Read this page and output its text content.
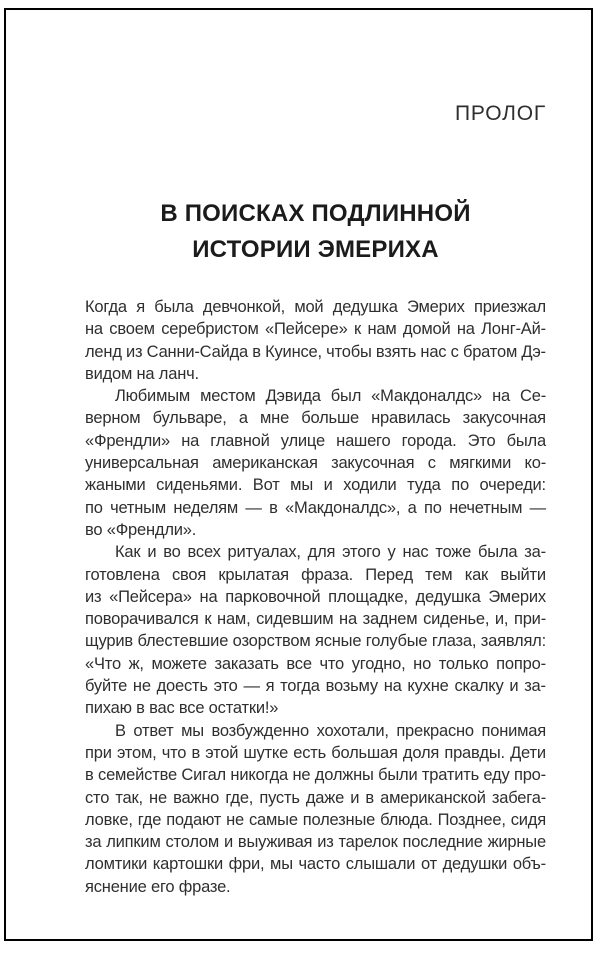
ПРОЛОГ
В ПОИСКАХ ПОДЛИННОЙ
ИСТОРИИ ЭМЕРИХА
Когда я была девчонкой, мой дедушка Эмерих приезжал
на своем серебристом «Пейсере» к нам домой на Лонг-Ай-
ленд из Санни-Сайда в Куинсе, чтобы взять нас с братом Дэ-
видом на ланч.
Любимым местом Дэвида был «Макдоналдс» на Се-
верном бульваре, а мне больше нравилась закусочная
«Френдли» на главной улице нашего города. Это была
универсальная американская закусочная с мягкими ко-
жаными сиденьями. Вот мы и ходили туда по очереди:
по четным неделям — в «Макдоналдс», а по нечетным —
во «Френдли».
Как и во всех ритуалах, для этого у нас тоже была за-
готовлена своя крылатая фраза. Перед тем как выйти
из «Пейсера» на парковочной площадке, дедушка Эмерих
поворачивался к нам, сидевшим на заднем сиденье, и, при-
щурив блестевшие озорством ясные голубые глаза, заявлял:
«Что ж, можете заказать все что угодно, но только попро-
буйте не доесть это — я тогда возьму на кухне скалку и за-
пихаю в вас все остатки!»
В ответ мы возбужденно хохотали, прекрасно понимая
при этом, что в этой шутке есть большая доля правды. Дети
в семействе Сигал никогда не должны были тратить еду про-
сто так, не важно где, пусть даже и в американской забега-
ловке, где подают не самые полезные блюда. Позднее, сидя
за липким столом и выуживая из тарелок последние жирные
ломтики картошки фри, мы часто слышали от дедушки объ-
яснение его фразе.
